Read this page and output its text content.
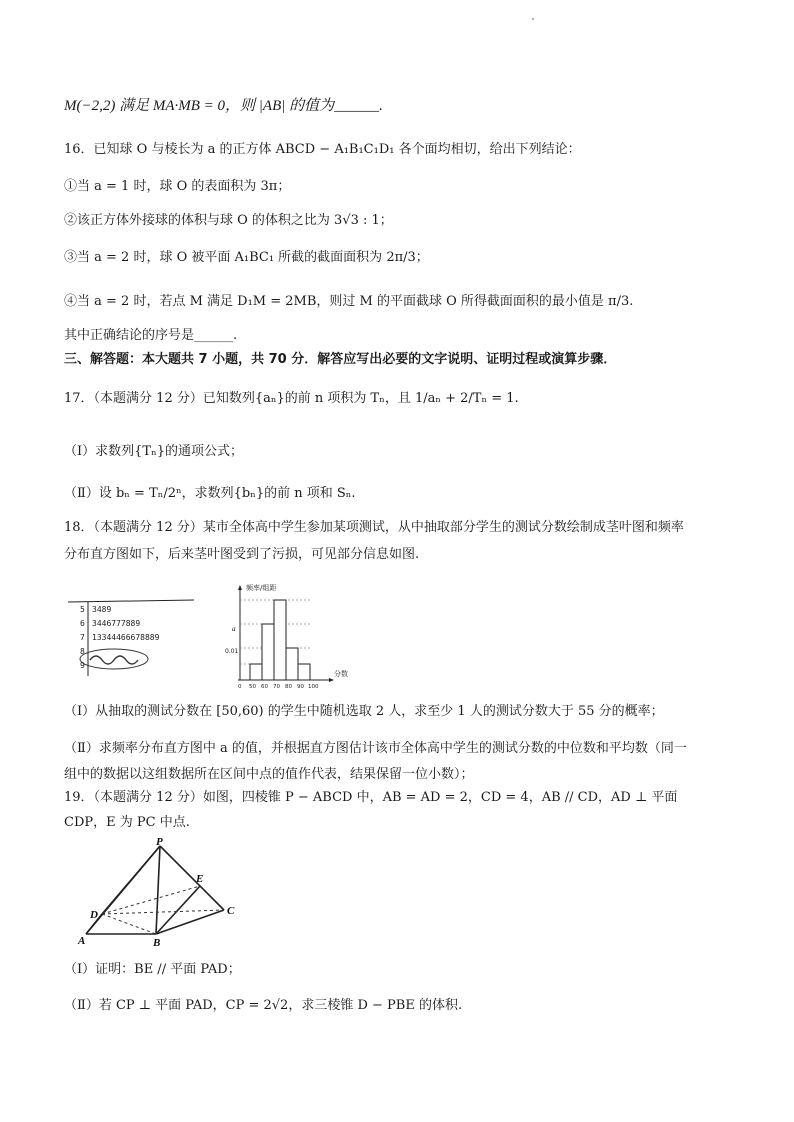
M(−2,2) 满足 MA·MB = 0，则 |AB| 的值为______.
16．已知球 O 与棱长为 a 的正方体 ABCD − A₁B₁C₁D₁ 各个面均相切，给出下列结论：
①当 a = 1 时，球 O 的表面积为 3π；
②该正方体外接球的体积与球 O 的体积之比为 3√3 : 1；
③当 a = 2 时，球 O 被平面 A₁BC₁ 所截的截面面积为 2π/3；
④当 a = 2 时，若点 M 满足 D₁M = 2MB，则过 M 的平面截球 O 所得截面面积的最小值是 π/3.
其中正确结论的序号是______.
三、解答题：本大题共 7 小题，共 70 分．解答应写出必要的文字说明、证明过程或演算步骤．
17．（本题满分 12 分）已知数列{aₙ}的前 n 项积为 Tₙ，且 1/aₙ + 2/Tₙ = 1.
（Ⅰ）求数列{Tₙ}的通项公式；
（Ⅱ）设 bₙ = Tₙ/2ⁿ，求数列{bₙ}的前 n 项和 Sₙ.
18．（本题满分 12 分）某市全体高中学生参加某项测试，从中抽取部分学生的测试分数绘制成茎叶图和频率
分布直方图如下，后来茎叶图受到了污损，可见部分信息如图.
5 3489
6 3446777889
7 13344466678889
8
9
频率/组距
分数
a
0.01
0 50 60 70 80 90 100
（Ⅰ）从抽取的测试分数在 [50,60) 的学生中随机选取 2 人，求至少 1 人的测试分数大于 55 分的概率；
（Ⅱ）求频率分布直方图中 a 的值，并根据直方图估计该市全体高中学生的测试分数的中位数和平均数（同一
组中的数据以这组数据所在区间中点的值作代表，结果保留一位小数）；
19．（本题满分 12 分）如图，四棱锥 P − ABCD 中，AB = AD = 2，CD = 4，AB // CD，AD ⊥ 平面
CDP，E 为 PC 中点.
P
E
D	C
A	B
（Ⅰ）证明：BE // 平面 PAD；
（Ⅱ）若 CP ⊥ 平面 PAD，CP = 2√2，求三棱锥 D − PBE 的体积.
